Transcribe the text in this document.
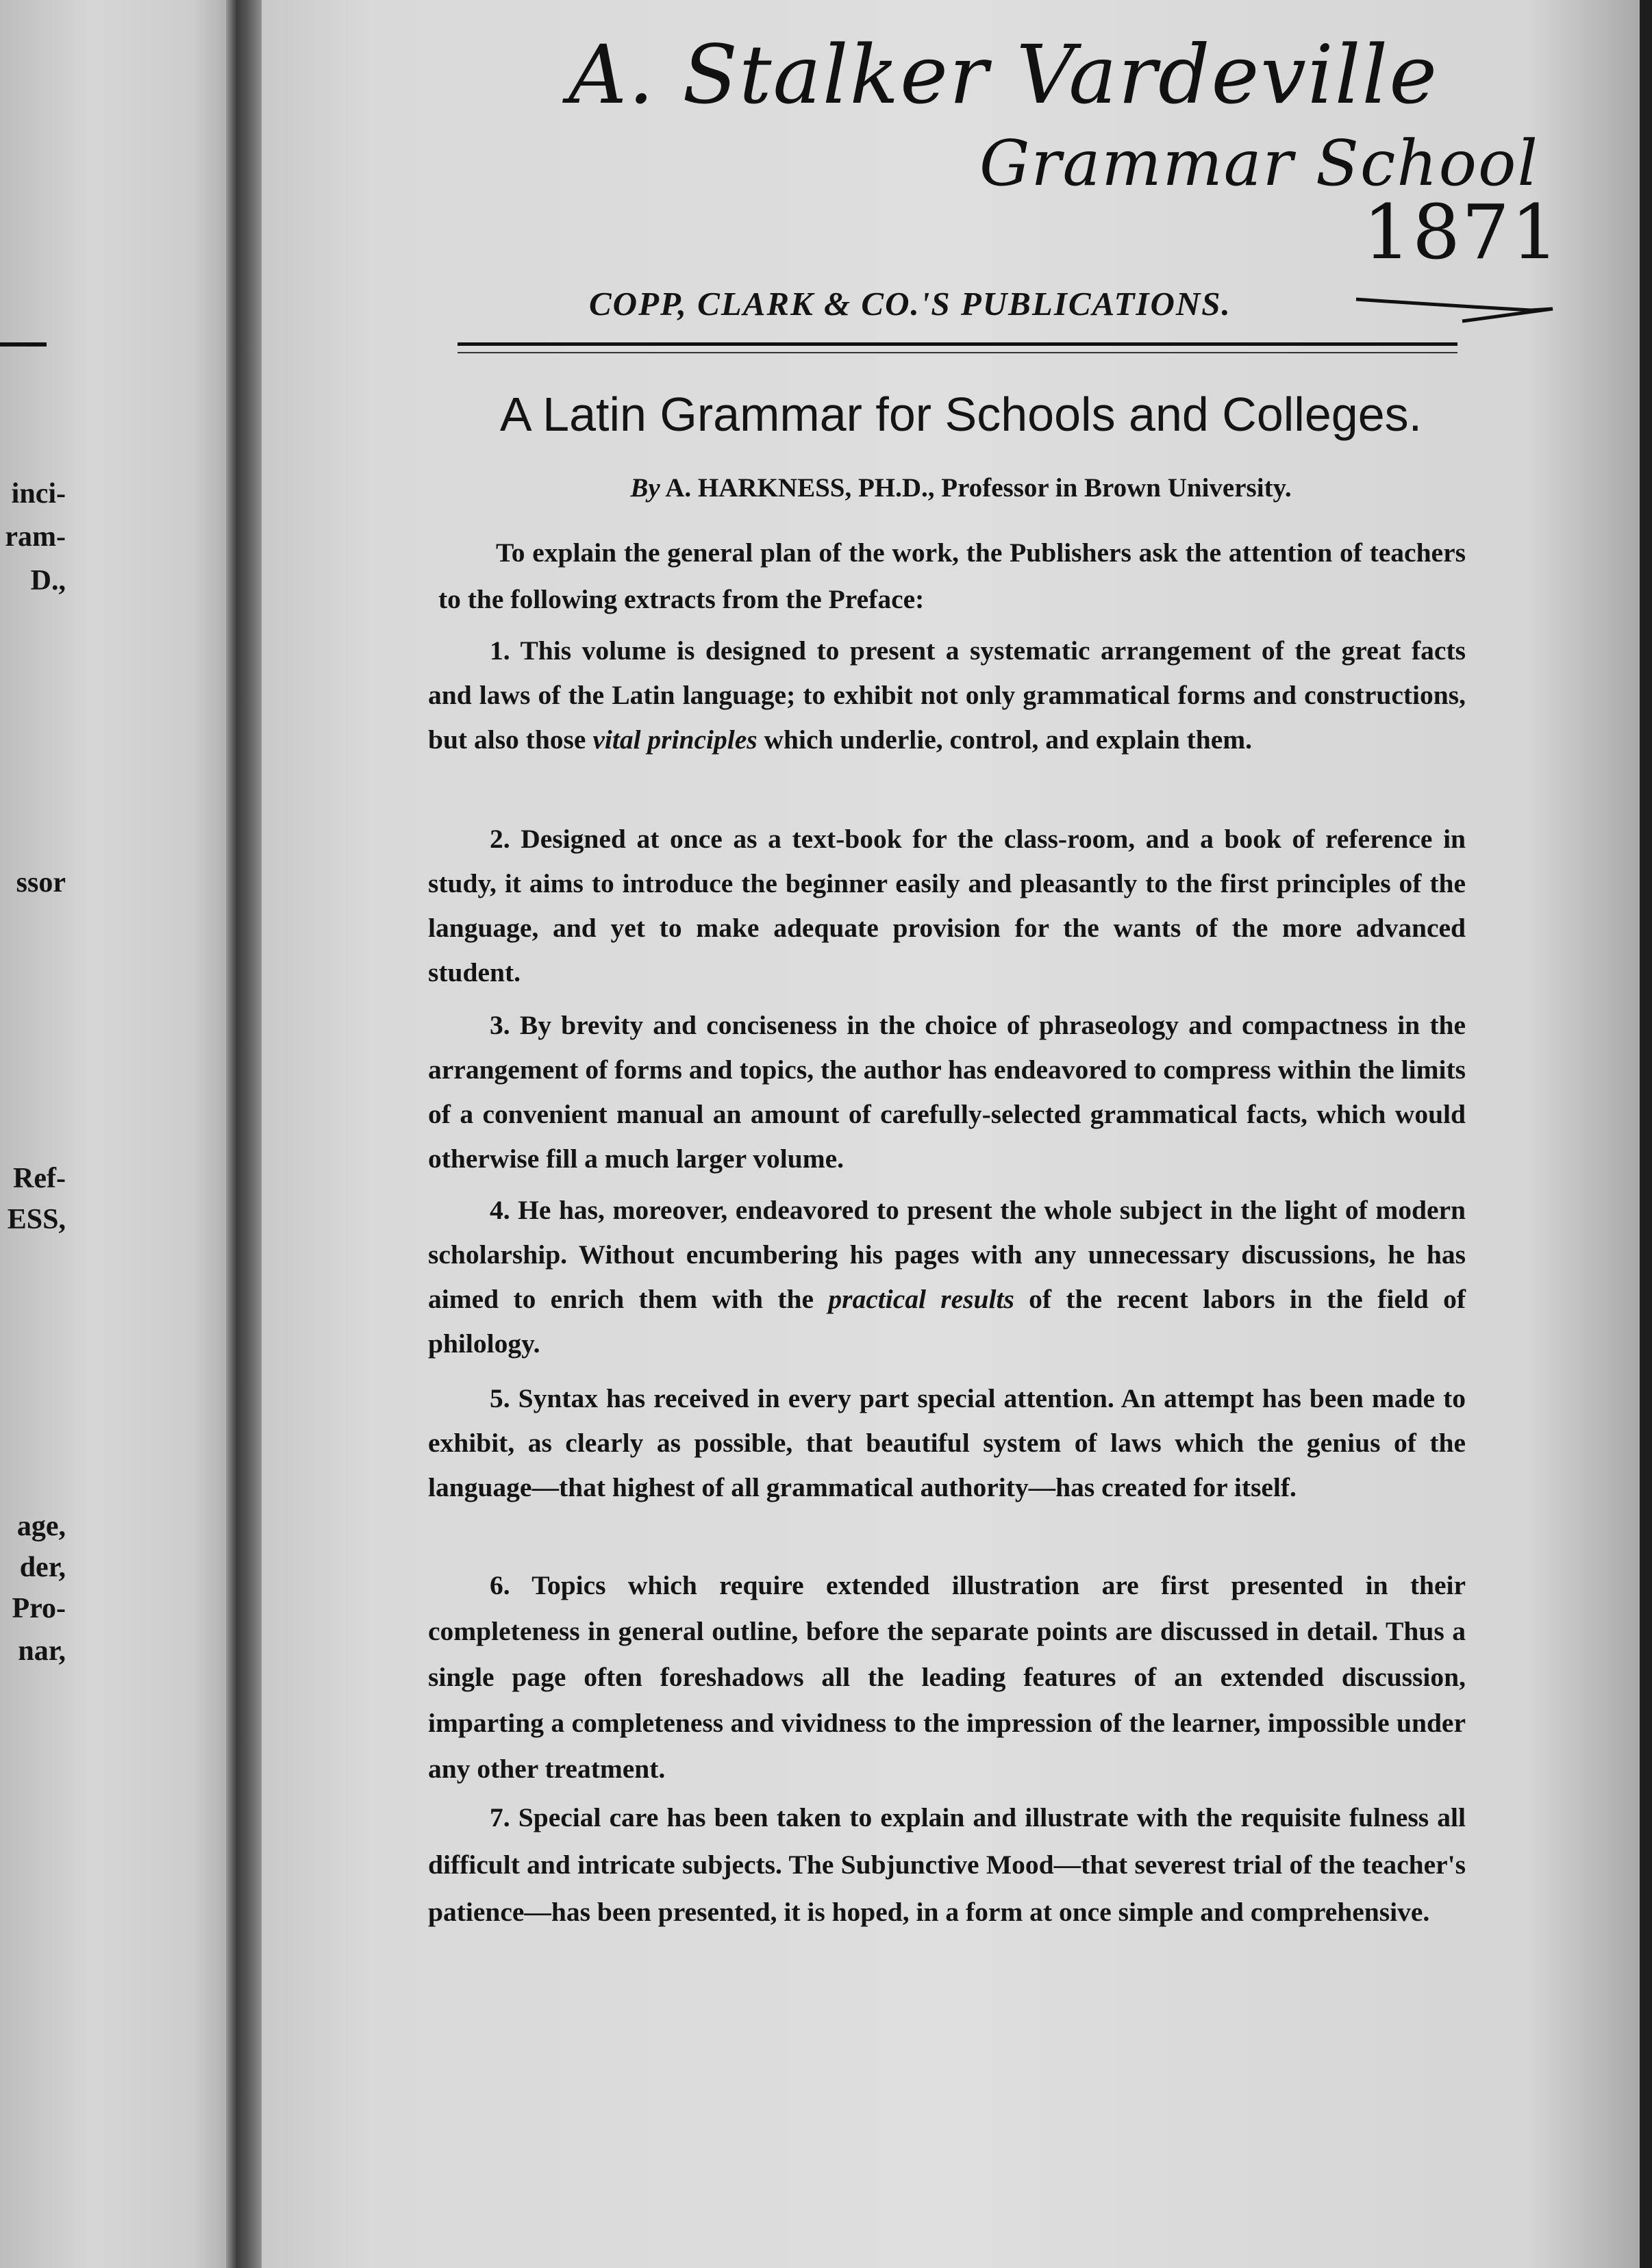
inci-
ram-
D.,
ssor
Ref-
ESS,
age,
der,
Pro-
nar,
A. Stalker Vardeville
Grammar School
1871
COPP, CLARK & CO.'S PUBLICATIONS.
A Latin Grammar for Schools and Colleges.
By A. HARKNESS, PH.D., Professor in Brown University.
To explain the general plan of the work, the Publishers ask the attention of teachers to the following extracts from the Preface:
1. This volume is designed to present a systematic arrangement of the great facts and laws of the Latin language; to exhibit not only grammatical forms and constructions, but also those vital principles which underlie, control, and explain them.
2. Designed at once as a text-book for the class-room, and a book of reference in study, it aims to introduce the beginner easily and pleasantly to the first principles of the language, and yet to make adequate provision for the wants of the more advanced student.
3. By brevity and conciseness in the choice of phraseology and compactness in the arrangement of forms and topics, the author has endeavored to compress within the limits of a convenient manual an amount of carefully-selected grammatical facts, which would otherwise fill a much larger volume.
4. He has, moreover, endeavored to present the whole subject in the light of modern scholarship. Without encumbering his pages with any unnecessary discussions, he has aimed to enrich them with the practical results of the recent labors in the field of philology.
5. Syntax has received in every part special attention. An attempt has been made to exhibit, as clearly as possible, that beautiful system of laws which the genius of the language—that highest of all grammatical authority—has created for itself.
6. Topics which require extended illustration are first presented in their completeness in general outline, before the separate points are discussed in detail. Thus a single page often foreshadows all the leading features of an extended discussion, imparting a completeness and vividness to the impression of the learner, impossible under any other treatment.
7. Special care has been taken to explain and illustrate with the requisite fulness all difficult and intricate subjects. The Subjunctive Mood—that severest trial of the teacher's patience—has been presented, it is hoped, in a form at once simple and comprehensive.
